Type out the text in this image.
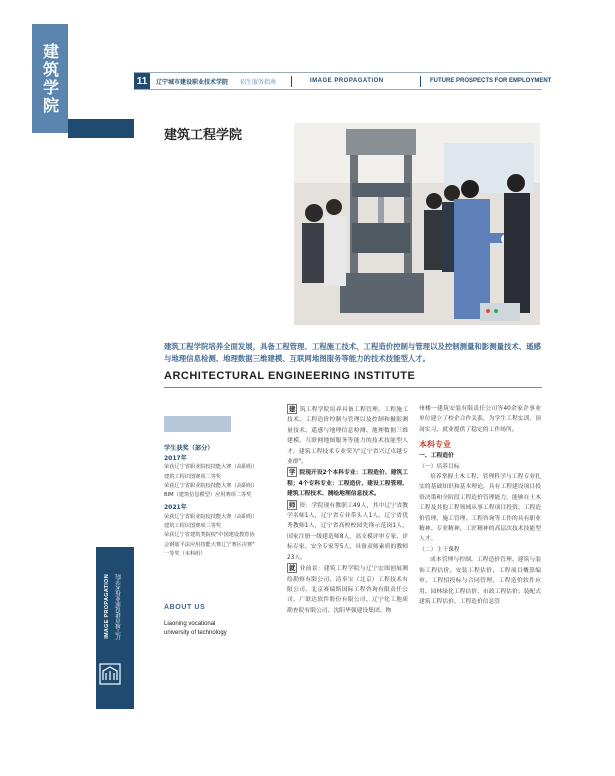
建筑学院	11	辽宁城市建设职业技术学院 招生服务指南	IMAGE PROPAGATION	FUTURE PROSPECTS FOR EMPLOYMENT
建筑工程学院
建筑工程学院培养全面发展，具备工程管理、工程施工技术、工程造价控制与管理以及控制测量和影测量技术、遥感与地理信息检测、地理数据三维建模、互联网地图服务等能力的技术技能型人才。
ARCHITECTURAL ENGINEERING INSTITUTE
学生获奖（部分）
2017年
荣获辽宁省职业院校技能大赛（高职组）
建筑工程识图赛项二等奖
荣获辽宁省职业院校技能大赛（高职组）
BIM（建筑信息模型）应用赛项二等奖
2021年
荣获辽宁省职业院校技能大赛（高职组）
建筑工程识图赛项三等奖
荣获辽宁省建筑类院校"中国建设教育协
会钢筋平法应用技能大赛辽宁赛区决赛"
一等奖（本科组）
ABOUT US
Liaoning vocational
university of technology
IMAGE PROPAGATION 辽宁城市建设职业技术学院

建 筑工程学院培养具备工程管理、工程施工技术、工程造价控制与管理以及控制和摄影测量技术、遥感与地理信息检测、地理数据三维建模、互联网地图服务等能力的技术技能型人才。建筑工程技术专业荣为"辽宁省兴辽卓越专业群"。

学 院现开设2个本科专业：工程造价、建筑工程；4个专科专业：工程造价、建设工程管理、建筑工程技术、测绘地理信息技术。

师 资：学院现有教职工49人，其中辽宁省教学名师1人，辽宁省专业带头人1人，辽宁省优秀教师1人，辽宁省高校校园先锋示范岗1人，国家注册一级建造师8人，高支模评审专家、评标专家、安全专家等5人，具备双师素质的教师23人。

就 业前景：建筑工程学院与辽宁宏图创展测绘勘察有限公司、清奉宝（北京）工程技术有限公司、北京赛瑞斯国际工程咨询有限责任公司、广联达软件股份有限公司、辽宁化工地质勘查院有限公司、沈阳华强建设集团、物

州楼一建筑安装有限责任公司等40余家企事业单位建立了校企合作关系，为学生工程实训、顶岗实习、就业提供了稳定的工作场所。

本科专业
一、工程造价
（一）培养目标

培养掌握土木工程、管理科学与工程专业扎实的基础知识和基本理论，具有工程建设项目投资决策和全阶段工程造价管理能力，能够在土木工程及其他工程领域从事工程项目投资、工程造价管理、施工管理、工程咨询等工作的具有职业精神、专业精神，工匠精神的高层次技术技能型人才。

（二）主干课程

成本管理与控制、工程造价管理、建筑与装饰工程估价、安装工程估价、工程项目概算编审、工程招投标与合同管理、工程造价软件应用、园林绿化工程估价、市政工程估价；装配式建筑工程估价、工程造价信息管
